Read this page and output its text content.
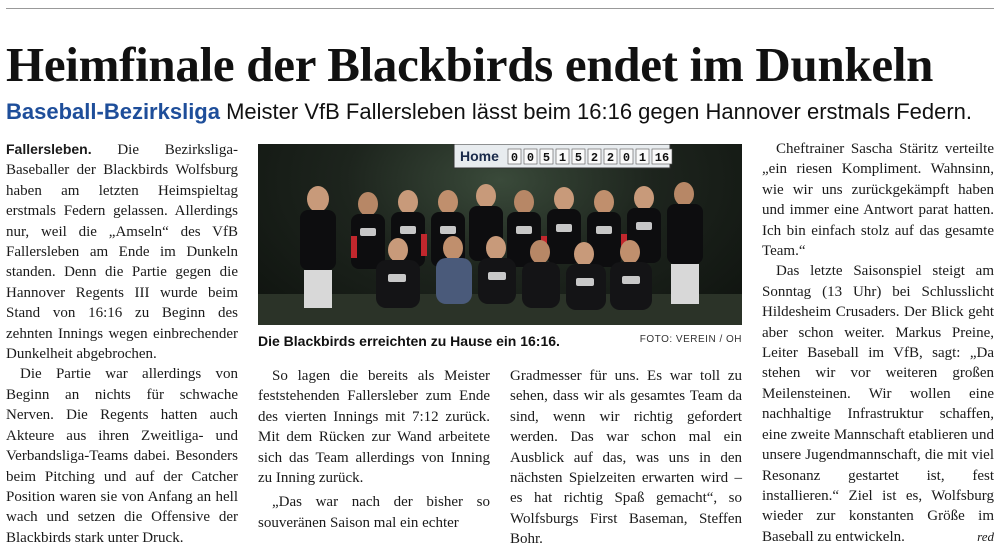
Heimfinale der Blackbirds endet im Dunkeln
Baseball-Bezirksliga Meister VfB Fallersleben lässt beim 16:16 gegen Hannover erstmals Federn.

Fallersleben. Die Bezirksliga-Baseballer der Blackbirds Wolfsburg haben am letzten Heimspieltag erstmals Federn gelassen. Allerdings nur, weil die „Amseln“ des VfB Fallersleben am Ende im Dunkeln standen. Denn die Partie gegen die Hannover Regents III wurde beim Stand von 16:16 zu Beginn des zehnten Innings wegen einbrechender Dunkelheit abgebrochen.

Die Partie war allerdings von Beginn an nichts für schwache Nerven. Die Regents hatten auch Akteure aus ihren Zweitliga- und Verbandsliga-Teams dabei. Besonders beim Pitching und auf der Catcher Position waren sie von Anfang an hell wach und setzen die Offensive der Blackbirds stark unter Druck.

Home 0 0 5 1 5 2 2 0 1 16
Die Blackbirds erreichten zu Hause ein 16:16.	FOTO: VEREIN / OH

So lagen die bereits als Meister feststehenden Fallersleber zum Ende des vierten Innings mit 7:12 zurück. Mit dem Rücken zur Wand arbeitete sich das Team allerdings von Inning zu Inning zurück.

„Das war nach der bisher so souveränen Saison mal ein echter

Gradmesser für uns. Es war toll zu sehen, dass wir als gesamtes Team da sind, wenn wir richtig gefordert werden. Das war schon mal ein Ausblick auf das, was uns in den nächsten Spielzeiten erwarten wird – es hat richtig Spaß gemacht“, so Wolfsburgs First Baseman, Steffen Bohr.

Cheftrainer Sascha Stäritz verteilte „ein riesen Kompliment. Wahnsinn, wie wir uns zurückgekämpft haben und immer eine Antwort parat hatten. Ich bin einfach stolz auf das gesamte Team.“

Das letzte Saisonspiel steigt am Sonntag (13 Uhr) bei Schlusslicht Hildesheim Crusaders. Der Blick geht aber schon weiter. Markus Preine, Leiter Baseball im VfB, sagt: „Da stehen wir vor weiteren großen Meilensteinen. Wir wollen eine nachhaltige Infrastruktur schaffen, eine zweite Mannschaft etablieren und unsere Jugendmannschaft, die mit viel Resonanz gestartet ist, fest installieren.“ Ziel ist es, Wolfsburg wieder zur konstanten Größe im Baseball zu entwickeln.	red
